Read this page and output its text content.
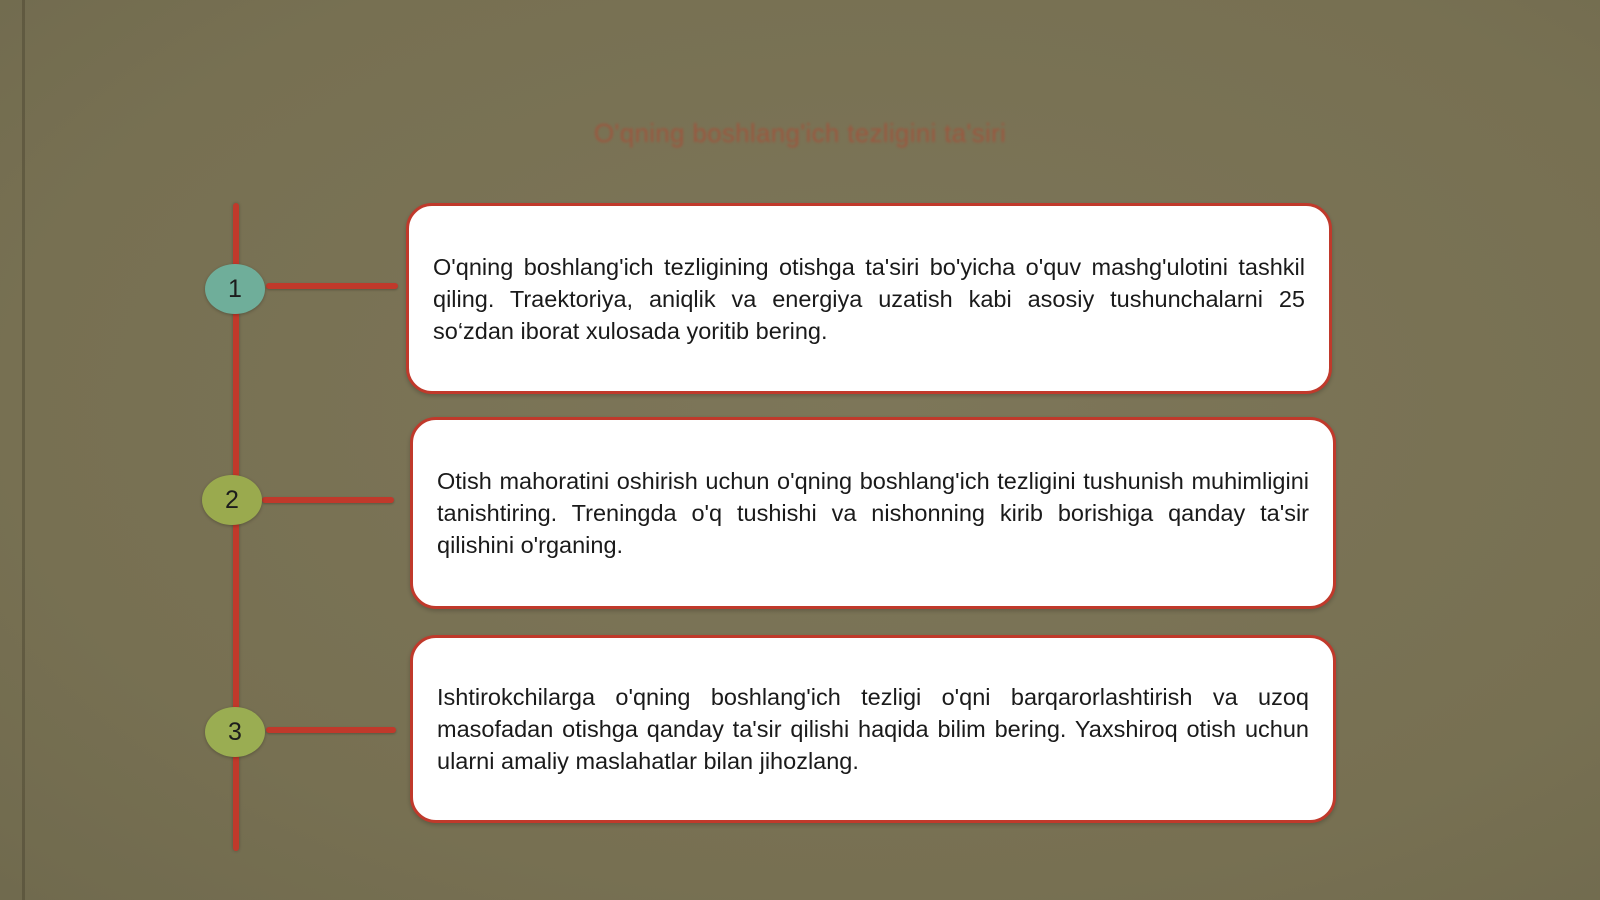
O'qning boshlang'ich tezligini ta'siri
1

O'qning boshlang'ich tezligining otishga ta'siri bo'yicha o'quv mashg'ulotini tashkil qiling. Traektoriya, aniqlik va energiya uzatish kabi asosiy tushunchalarni 25 so‘zdan iborat xulosada yoritib bering.

2

Otish mahoratini oshirish uchun o'qning boshlang'ich tezligini tushunish muhimligini tanishtiring. Treningda o'q tushishi va nishonning kirib borishiga qanday ta'sir qilishini o'rganing.

3

Ishtirokchilarga o'qning boshlang'ich tezligi o'qni barqarorlashtirish va uzoq masofadan otishga qanday ta'sir qilishi haqida bilim bering. Yaxshiroq otish uchun ularni amaliy maslahatlar bilan jihozlang.
